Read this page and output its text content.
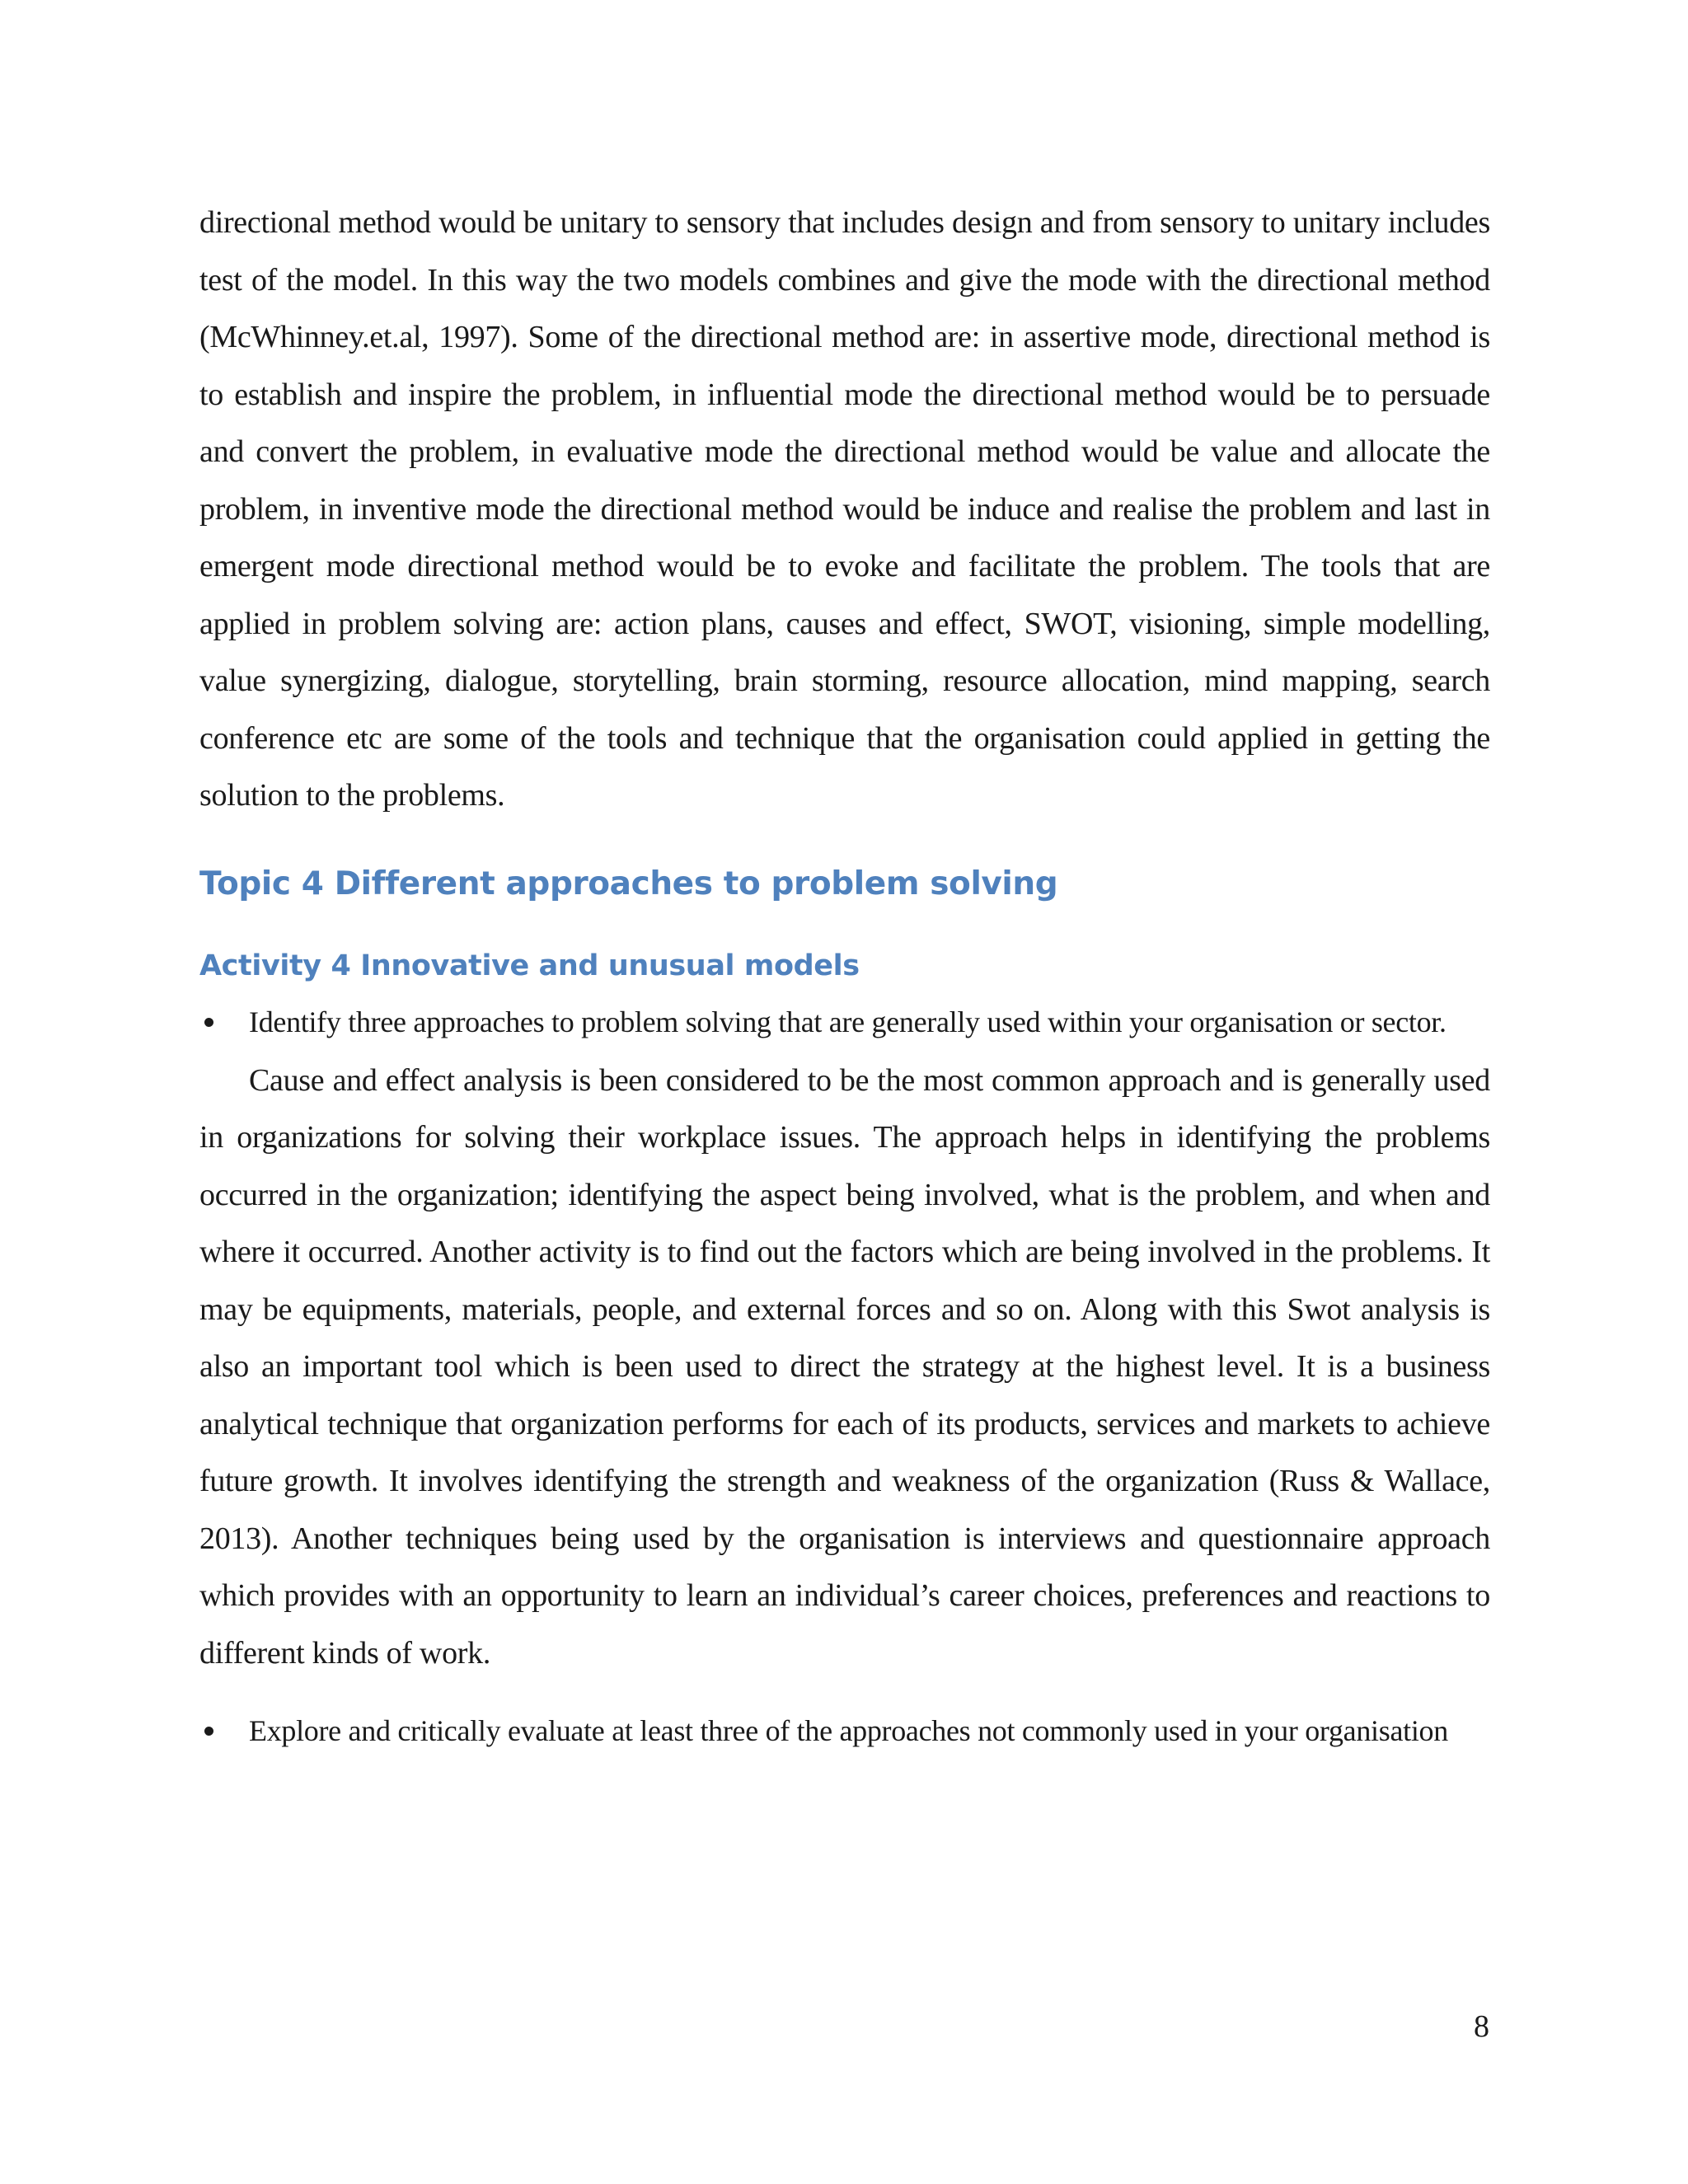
directional method would be unitary to sensory that includes design and from sensory to unitary includes test of the model. In this way the two models combines and give the mode with the directional method (McWhinney.et.al, 1997). Some of the directional method are: in assertive mode, directional method is to establish and inspire the problem, in influential mode the directional method would be to persuade and convert the problem, in evaluative mode the directional method would be value and allocate the problem, in inventive mode the directional method would be induce and realise the problem and last in emergent mode directional method would be to evoke and facilitate the problem. The tools that are applied in problem solving are: action plans, causes and effect, SWOT, visioning, simple modelling, value synergizing, dialogue, storytelling, brain storming, resource allocation, mind mapping, search conference etc are some of the tools and technique that the organisation could applied in getting the solution to the problems.

Topic 4 Different approaches to problem solving
Activity 4 Innovative and unusual models
Identify three approaches to problem solving that are generally used within your organisation or sector.

Cause and effect analysis is been considered to be the most common approach and is generally used in organizations for solving their workplace issues. The approach helps in identifying the problems occurred in the organization; identifying the aspect being involved, what is the problem, and when and where it occurred. Another activity is to find out the factors which are being involved in the problems. It may be equipments, materials, people, and external forces and so on. Along with this Swot analysis is also an important tool which is been used to direct the strategy at the highest level. It is a business analytical technique that organization performs for each of its products, services and markets to achieve future growth. It involves identifying the strength and weakness of the organization (Russ & Wallace, 2013). Another techniques being used by the organisation is interviews and questionnaire approach which provides with an opportunity to learn an individual’s career choices, preferences and reactions to different kinds of work.

Explore and critically evaluate at least three of the approaches not commonly used in your organisation
8
